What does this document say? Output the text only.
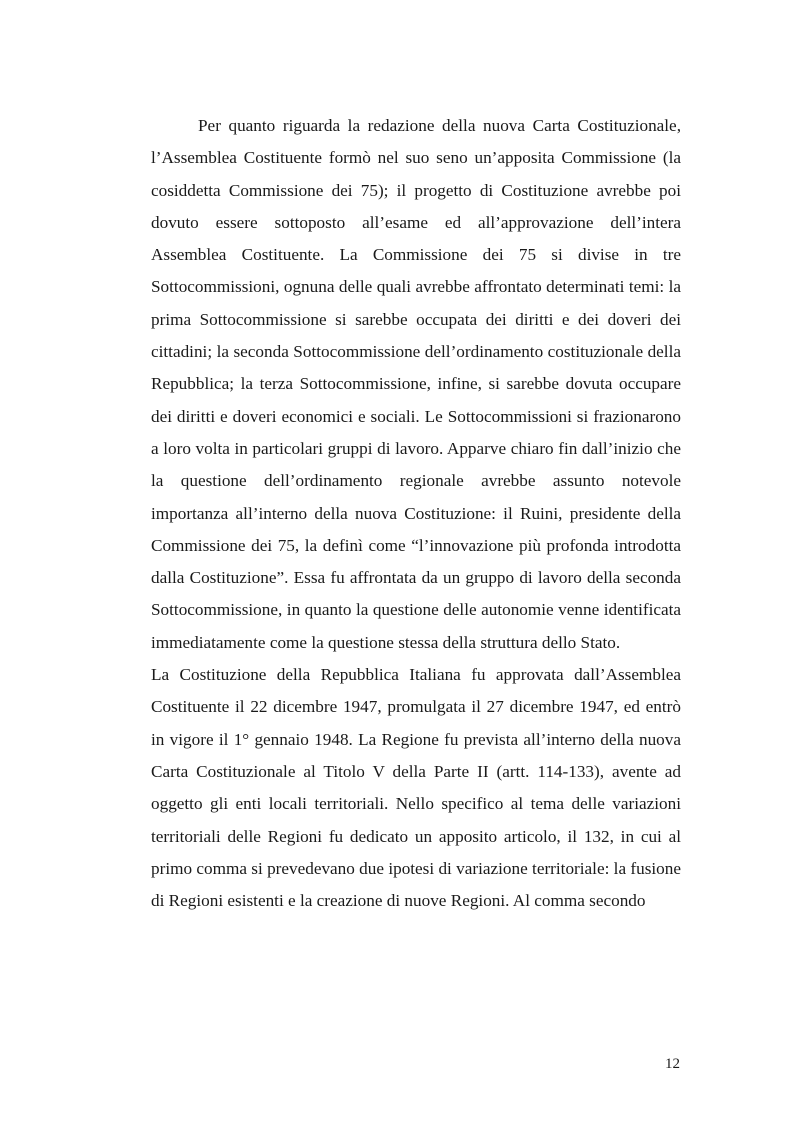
Per quanto riguarda la redazione della nuova Carta Costituzionale, l’Assemblea Costituente formò nel suo seno un’apposita Commissione (la cosiddetta Commissione dei 75); il progetto di Costituzione avrebbe poi dovuto essere sottoposto all’esame ed all’approvazione dell’intera Assemblea Costituente. La Commissione dei 75 si divise in tre Sottocommissioni, ognuna delle quali avrebbe affrontato determinati temi: la prima Sottocommissione si sarebbe occupata dei diritti e dei doveri dei cittadini; la seconda Sottocommissione dell’ordinamento costituzionale della Repubblica; la terza Sottocommissione, infine, si sarebbe dovuta occupare dei diritti e doveri economici e sociali. Le Sottocommissioni si frazionarono a loro volta in particolari gruppi di lavoro. Apparve chiaro fin dall’inizio che la questione dell’ordinamento regionale avrebbe assunto notevole importanza all’interno della nuova Costituzione: il Ruini, presidente della Commissione dei 75, la definì come “l’innovazione più profonda introdotta dalla Costituzione”. Essa fu affrontata da un gruppo di lavoro della seconda Sottocommissione, in quanto la questione delle autonomie venne identificata immediatamente come la questione stessa della struttura dello Stato.

La Costituzione della Repubblica Italiana fu approvata dall’Assemblea Costituente il 22 dicembre 1947, promulgata il 27 dicembre 1947, ed entrò in vigore il 1° gennaio 1948. La Regione fu prevista all’interno della nuova Carta Costituzionale al Titolo V della Parte II (artt. 114-133), avente ad oggetto gli enti locali territoriali. Nello specifico al tema delle variazioni territoriali delle Regioni fu dedicato un apposito articolo, il 132, in cui al primo comma si prevedevano due ipotesi di variazione territoriale: la fusione di Regioni esistenti e la creazione di nuove Regioni. Al comma secondo

12
